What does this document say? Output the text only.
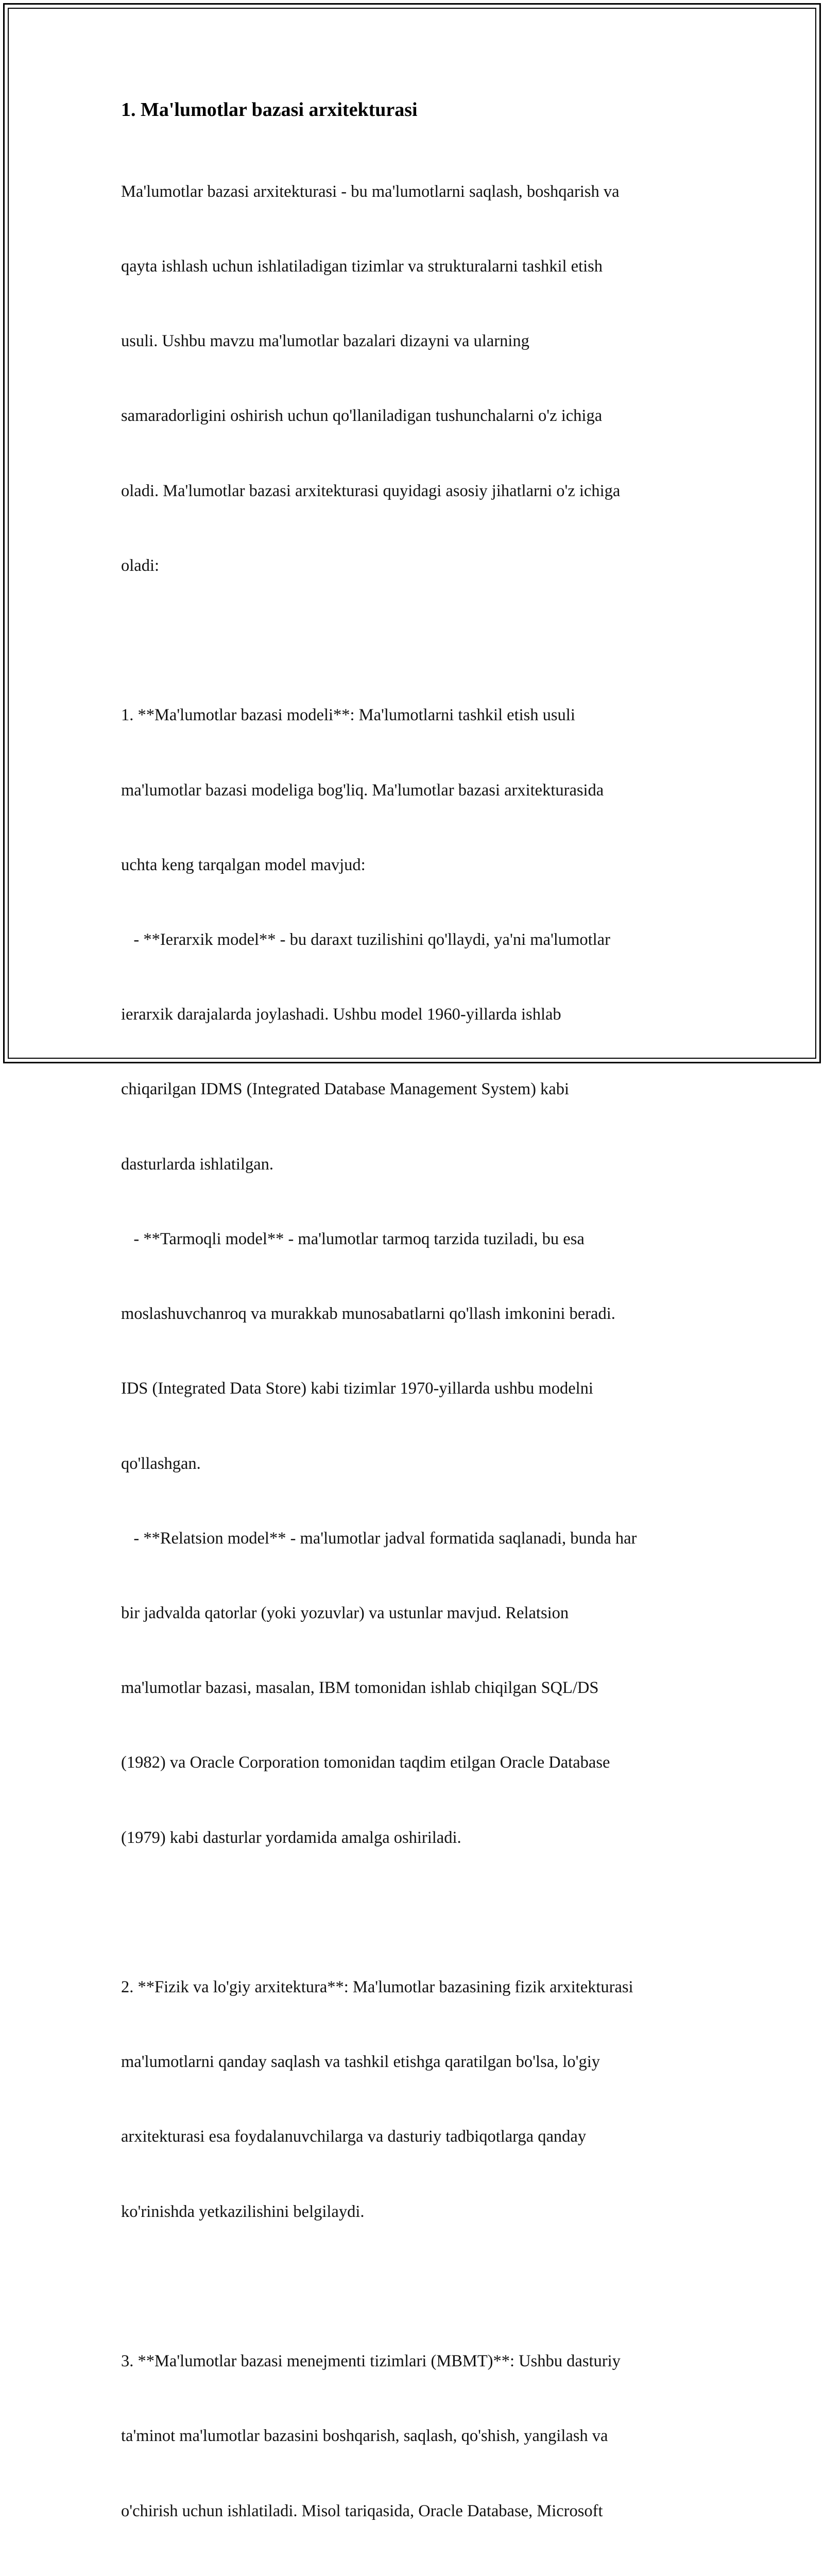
1. Ma'lumotlar bazasi arxitekturasi

Ma'lumotlar bazasi arxitekturasi - bu ma'lumotlarni saqlash, boshqarish va

qayta ishlash uchun ishlatiladigan tizimlar va strukturalarni tashkil etish

usuli. Ushbu mavzu ma'lumotlar bazalari dizayni va ularning

samaradorligini oshirish uchun qo'llaniladigan tushunchalarni o'z ichiga

oladi. Ma'lumotlar bazasi arxitekturasi quyidagi asosiy jihatlarni o'z ichiga

oladi:

1. **Ma'lumotlar bazasi modeli**: Ma'lumotlarni tashkil etish usuli

ma'lumotlar bazasi modeliga bog'liq. Ma'lumotlar bazasi arxitekturasida

uchta keng tarqalgan model mavjud:

- **Ierarxik model** - bu daraxt tuzilishini qo'llaydi, ya'ni ma'lumotlar

ierarxik darajalarda joylashadi. Ushbu model 1960-yillarda ishlab

chiqarilgan IDMS (Integrated Database Management System) kabi

dasturlarda ishlatilgan.

- **Tarmoqli model** - ma'lumotlar tarmoq tarzida tuziladi, bu esa

moslashuvchanroq va murakkab munosabatlarni qo'llash imkonini beradi.

IDS (Integrated Data Store) kabi tizimlar 1970-yillarda ushbu modelni

qo'llashgan.

- **Relatsion model** - ma'lumotlar jadval formatida saqlanadi, bunda har

bir jadvalda qatorlar (yoki yozuvlar) va ustunlar mavjud. Relatsion

ma'lumotlar bazasi, masalan, IBM tomonidan ishlab chiqilgan SQL/DS

(1982) va Oracle Corporation tomonidan taqdim etilgan Oracle Database

(1979) kabi dasturlar yordamida amalga oshiriladi.

2. **Fizik va lo'giy arxitektura**: Ma'lumotlar bazasining fizik arxitekturasi

ma'lumotlarni qanday saqlash va tashkil etishga qaratilgan bo'lsa, lo'giy

arxitekturasi esa foydalanuvchilarga va dasturiy tadbiqotlarga qanday

ko'rinishda yetkazilishini belgilaydi.

3. **Ma'lumotlar bazasi menejmenti tizimlari (MBMT)**: Ushbu dasturiy

ta'minot ma'lumotlar bazasini boshqarish, saqlash, qo'shish, yangilash va

o'chirish uchun ishlatiladi. Misol tariqasida, Oracle Database, Microsoft
